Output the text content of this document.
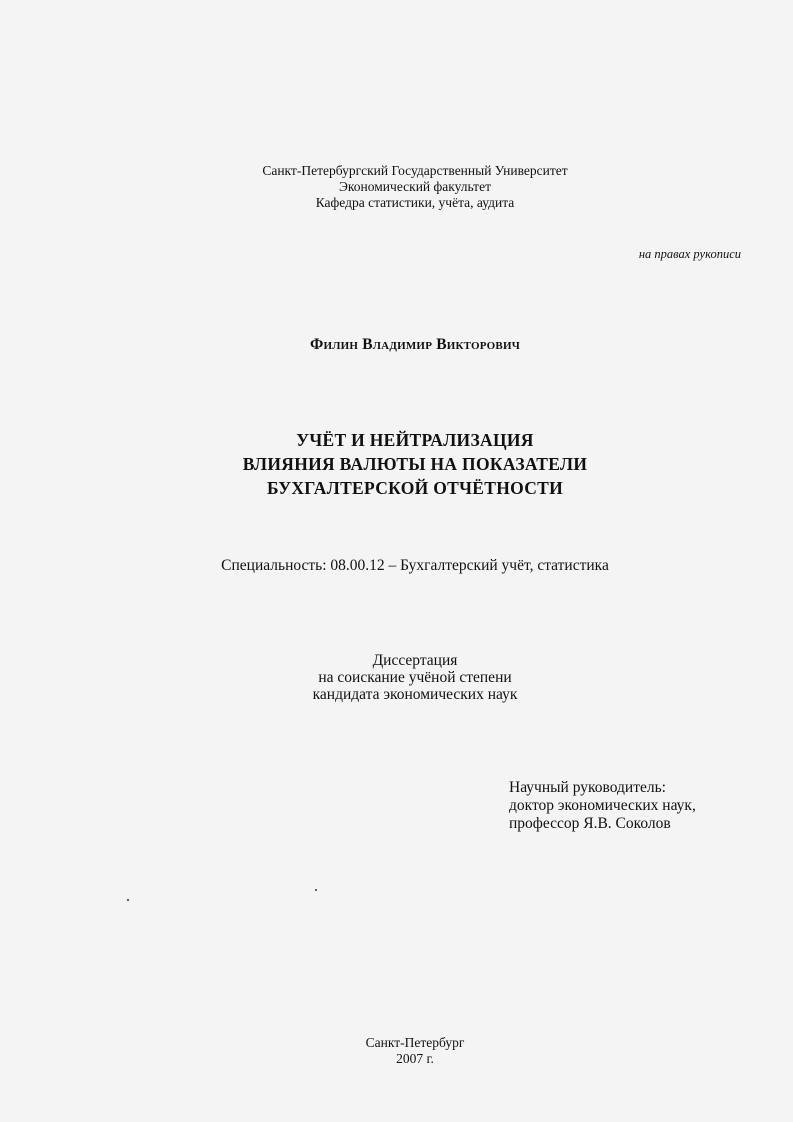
Санкт-Петербургский Государственный Университет
Экономический факультет
Кафедра статистики, учёта, аудита
на правах рукописи
Филин Владимир Викторович
УЧЁТ И НЕЙТРАЛИЗАЦИЯ
ВЛИЯНИЯ ВАЛЮТЫ НА ПОКАЗАТЕЛИ
БУХГАЛТЕРСКОЙ ОТЧЁТНОСТИ
Специальность: 08.00.12 – Бухгалтерский учёт, статистика
Диссертация
на соискание учёной степени
кандидата экономических наук
Научный руководитель:
доктор экономических наук,
профессор Я.В. Соколов
Санкт-Петербург
2007 г.
